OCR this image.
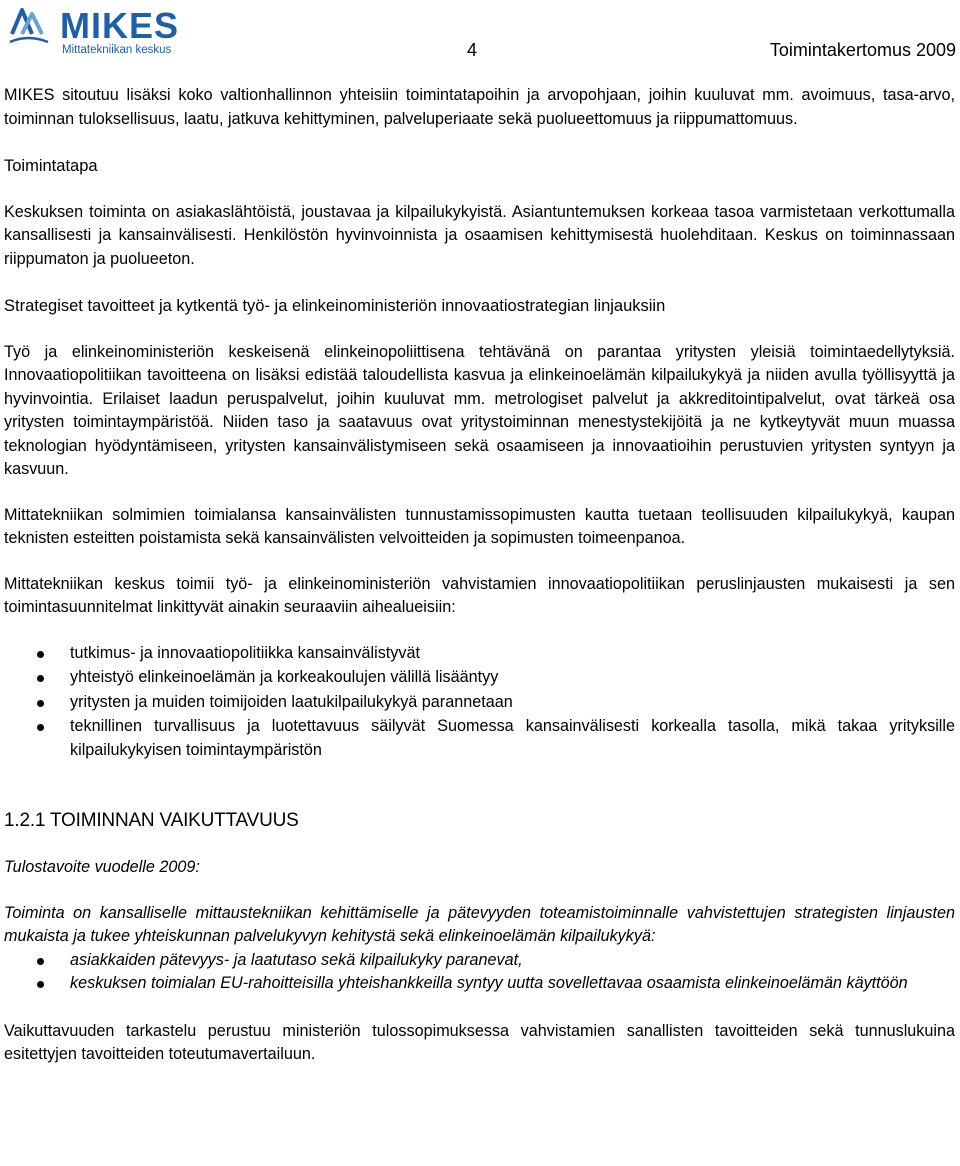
MIKES
Mittatekniikan keskus	4	Toimintakertomus 2009

MIKES sitoutuu lisäksi koko valtionhallinnon yhteisiin toimintatapoihin ja arvopohjaan, joihin kuuluvat mm. avoimuus, tasa-arvo, toiminnan tuloksellisuus, laatu, jatkuva kehittyminen, palveluperiaate sekä puolueettomuus ja riippumattomuus.

Toimintatapa

Keskuksen toiminta on asiakaslähtöistä, joustavaa ja kilpailukykyistä. Asiantuntemuksen korkeaa tasoa varmistetaan verkottumalla kansallisesti ja kansainvälisesti. Henkilöstön hyvinvoinnista ja osaamisen kehittymisestä huolehditaan. Keskus on toiminnassaan riippumaton ja puolueeton.

Strategiset tavoitteet ja kytkentä työ- ja elinkeinoministeriön innovaatiostrategian linjauksiin

Työ ja elinkeinoministeriön keskeisenä elinkeinopoliittisena tehtävänä on parantaa yritysten yleisiä toimintaedellytyksiä. Innovaatiopolitiikan tavoitteena on lisäksi edistää taloudellista kasvua ja elinkeinoelämän kilpailukykyä ja niiden avulla työllisyyttä ja hyvinvointia. Erilaiset laadun peruspalvelut, joihin kuuluvat mm. metrologiset palvelut ja akkreditointipalvelut, ovat tärkeä osa yritysten toimintaympäristöä. Niiden taso ja saatavuus ovat yritystoiminnan menestystekijöitä ja ne kytkeytyvät muun muassa teknologian hyödyntämiseen, yritysten kansainvälistymiseen sekä osaamiseen ja innovaatioihin perustuvien yritysten syntyyn ja kasvuun.

Mittatekniikan solmimien toimialansa kansainvälisten tunnustamissopimusten kautta tuetaan teollisuuden kilpailukykyä, kaupan teknisten esteitten poistamista sekä kansainvälisten velvoitteiden ja sopimusten toimeenpanoa.

Mittatekniikan keskus toimii työ- ja elinkeinoministeriön vahvistamien innovaatiopolitiikan peruslinjausten mukaisesti ja sen toimintasuunnitelmat linkittyvät ainakin seuraaviin aihealueisiin:

tutkimus- ja innovaatiopolitiikka kansainvälistyvät
yhteistyö elinkeinoelämän ja korkeakoulujen välillä lisääntyy
yritysten ja muiden toimijoiden laatukilpailukykyä parannetaan
teknillinen turvallisuus ja luotettavuus säilyvät Suomessa kansainvälisesti korkealla tasolla, mikä takaa yrityksille kilpailukykyisen toimintaympäristön
1.2.1 TOIMINNAN VAIKUTTAVUUS

Tulostavoite vuodelle 2009:

Toiminta on kansalliselle mittaustekniikan kehittämiselle ja pätevyyden toteamistoiminnalle vahvistettujen strategisten linjausten mukaista ja tukee yhteiskunnan palvelukyvyn kehitystä sekä elinkeinoelämän kilpailukykyä:

asiakkaiden pätevyys- ja laatutaso sekä kilpailukyky paranevat,
keskuksen toimialan EU-rahoitteisilla yhteishankkeilla syntyy uutta sovellettavaa osaamista elinkeinoelämän käyttöön

Vaikuttavuuden tarkastelu perustuu ministeriön tulossopimuksessa vahvistamien sanallisten tavoitteiden sekä tunnuslukuina esitettyjen tavoitteiden toteutumavertailuun.
